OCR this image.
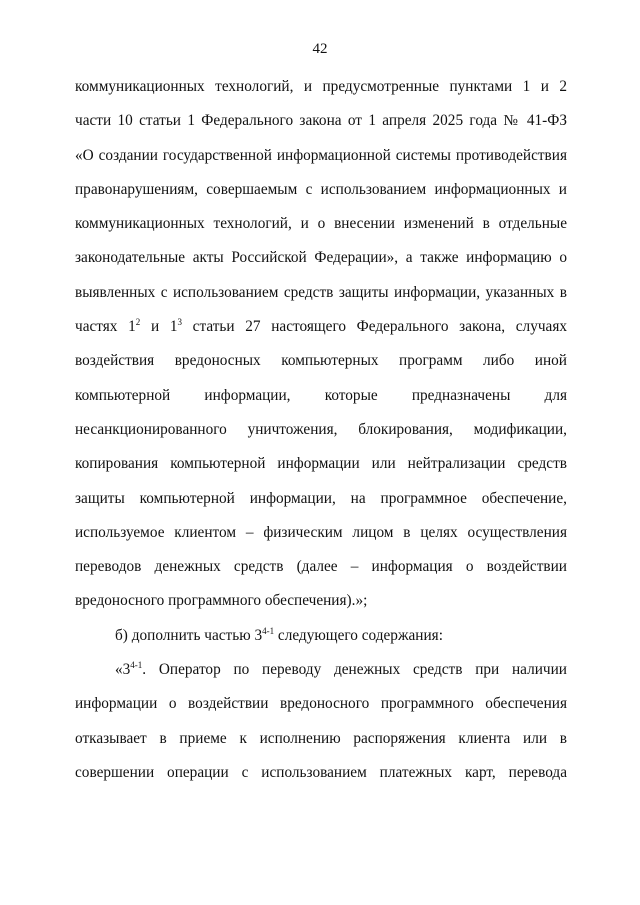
42
коммуникационных технологий, и предусмотренные пунктами 1 и 2
части 10 статьи 1 Федерального закона от 1 апреля 2025 года № 41-ФЗ
«О создании государственной информационной системы противодействия
правонарушениям, совершаемым с использованием информационных и
коммуникационных технологий, и о внесении изменений в отдельные
законодательные акты Российской Федерации», а также информацию о
выявленных с использованием средств защиты информации, указанных в
частях $1^2$ и $1^3$ статьи 27 настоящего Федерального закона, случаях
воздействия вредоносных компьютерных программ либо иной
компьютерной информации, которые предназначены для
несанкционированного уничтожения, блокирования, модификации,
копирования компьютерной информации или нейтрализации средств
защиты компьютерной информации, на программное обеспечение,
используемое клиентом – физическим лицом в целях осуществления
переводов денежных средств (далее – информация о воздействии
вредоносного программного обеспечения).»;
б) дополнить частью 3$^{4-1}$ следующего содержания:
«3$^{4-1}$. Оператор по переводу денежных средств при наличии
информации о воздействии вредоносного программного обеспечения
отказывает в приеме к исполнению распоряжения клиента или в
совершении операции с использованием платежных карт, перевода
